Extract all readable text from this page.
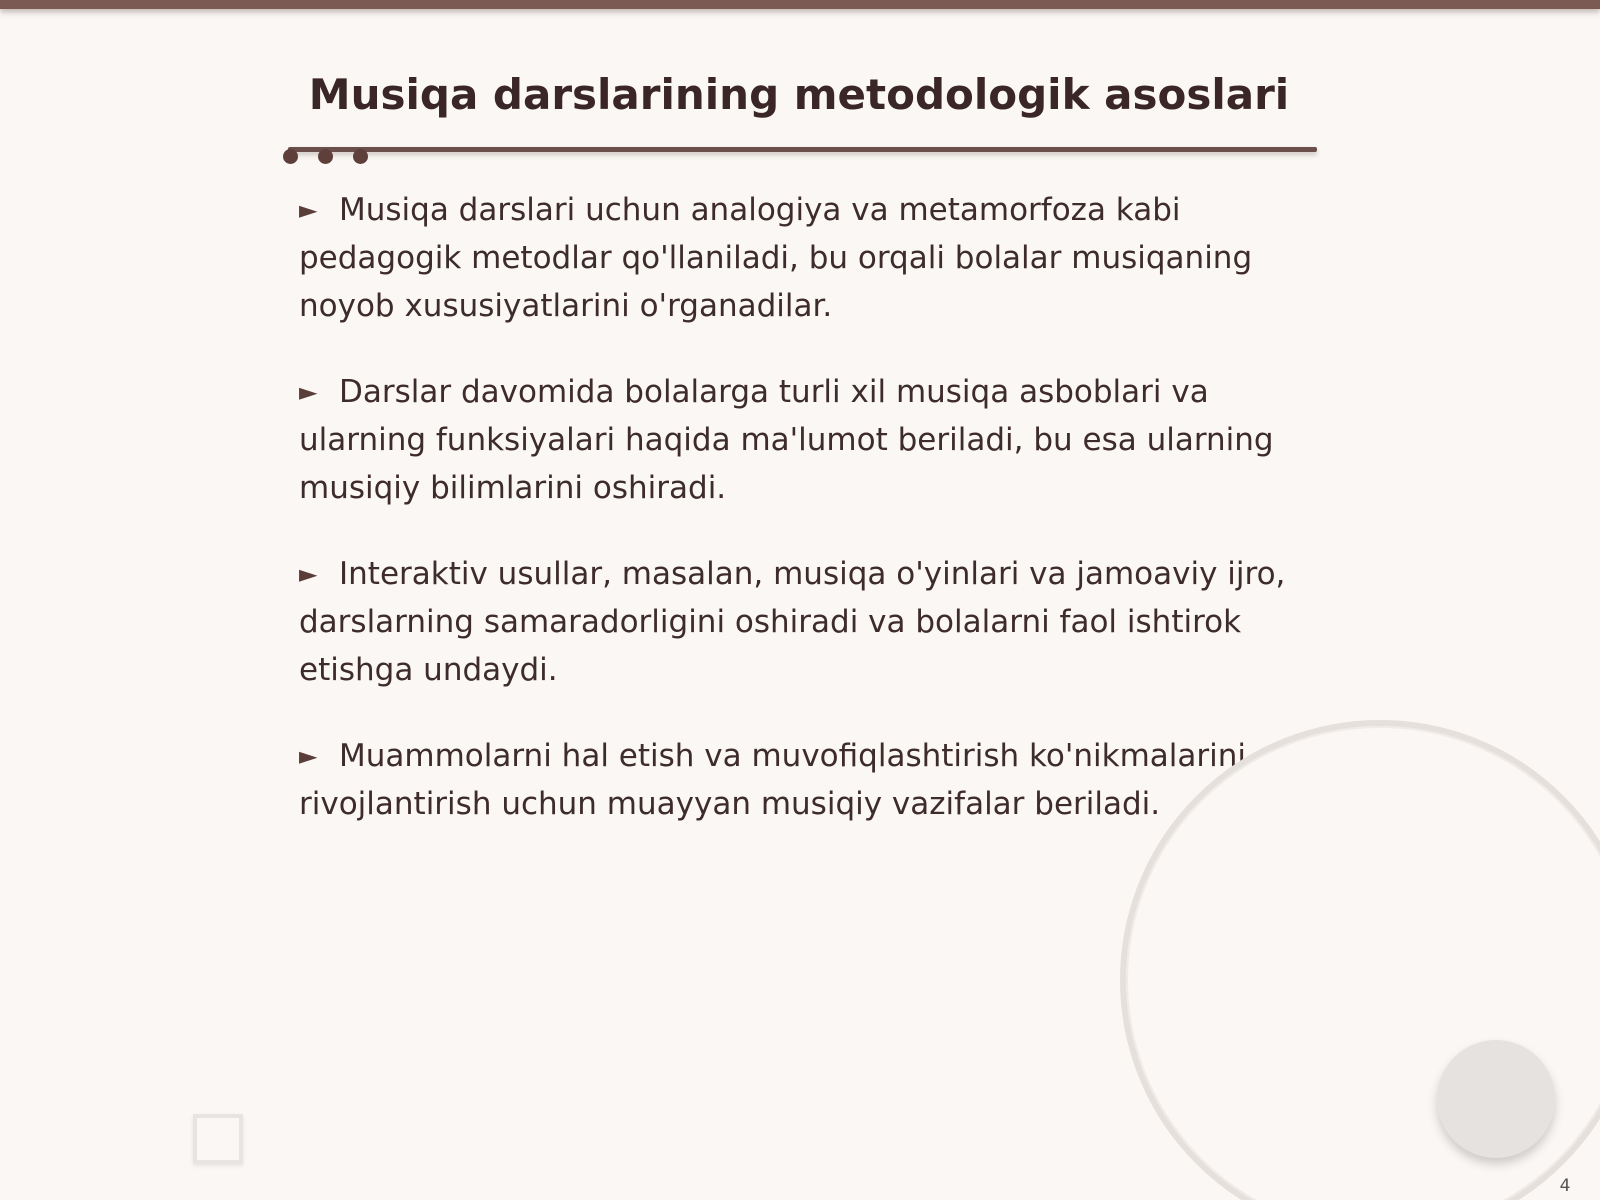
Musiqa darslarining metodologik asoslari

► Musiqa darslari uchun analogiya va metamorfoza kabi pedagogik metodlar qo'llaniladi, bu orqali bolalar musiqaning noyob xususiyatlarini o'rganadilar.

► Darslar davomida bolalarga turli xil musiqa asboblari va ularning funksiyalari haqida ma'lumot beriladi, bu esa ularning musiqiy bilimlarini oshiradi.

► Interaktiv usullar, masalan, musiqa o'yinlari va jamoaviy ijro, darslarning samaradorligini oshiradi va bolalarni faol ishtirok etishga undaydi.

► Muammolarni hal etish va muvofiqlashtirish ko'nikmalarini rivojlantirish uchun muayyan musiqiy vazifalar beriladi.

4
